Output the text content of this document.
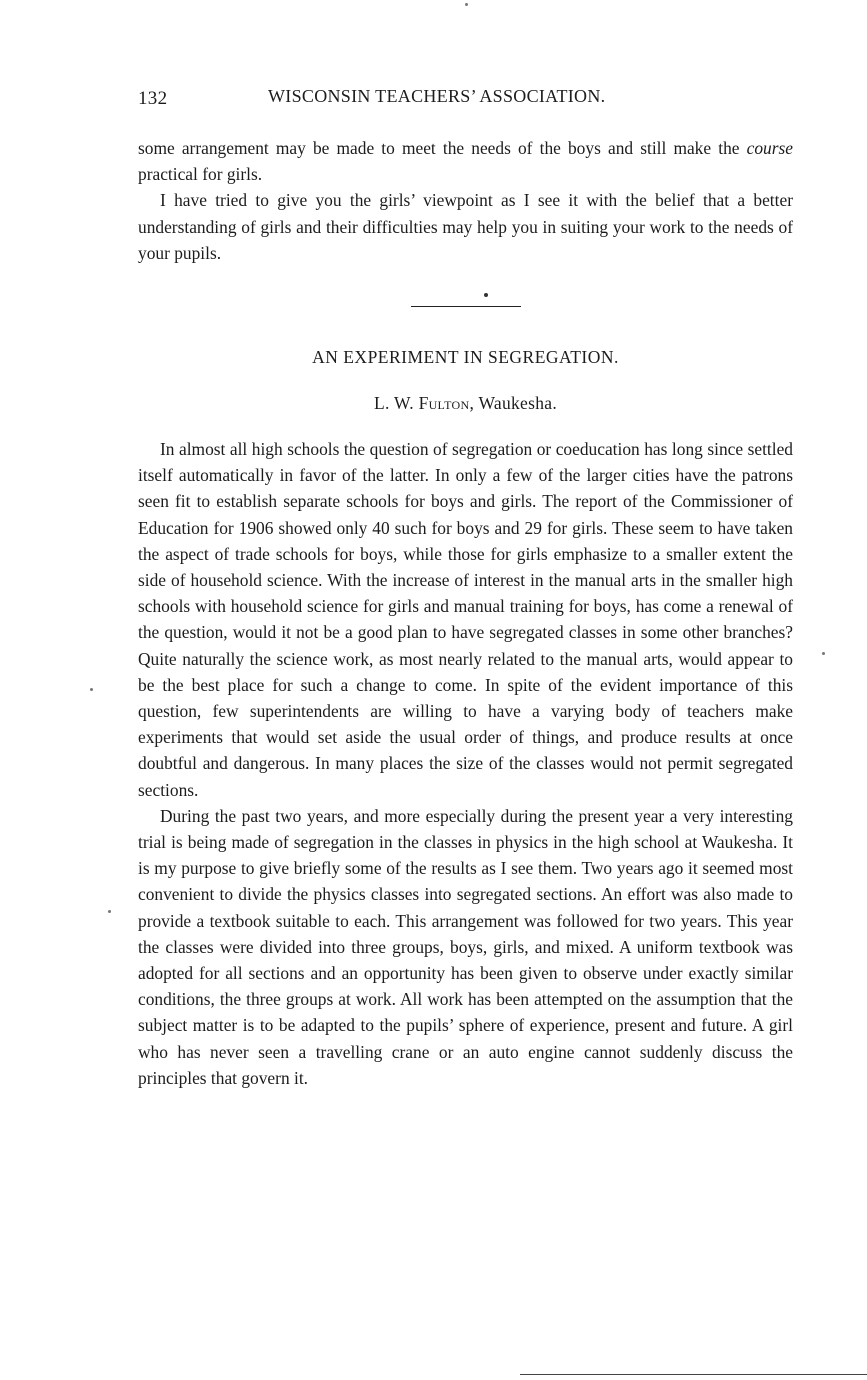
132	WISCONSIN TEACHERS’ ASSOCIATION.

some arrangement may be made to meet the needs of the boys and still make the course practical for girls.

I have tried to give you the girls’ viewpoint as I see it with the belief that a better understanding of girls and their difficulties may help you in suiting your work to the needs of your pupils.

AN EXPERIMENT IN SEGREGATION.
L. W. Fulton, Waukesha.

In almost all high schools the question of segregation or coeducation has long since settled itself automatically in favor of the latter. In only a few of the larger cities have the patrons seen fit to establish separate schools for boys and girls. The report of the Commissioner of Education for 1906 showed only 40 such for boys and 29 for girls. These seem to have taken the aspect of trade schools for boys, while those for girls emphasize to a smaller extent the side of household science. With the increase of interest in the manual arts in the smaller high schools with household science for girls and manual training for boys, has come a renewal of the question, would it not be a good plan to have segregated classes in some other branches? Quite naturally the science work, as most nearly related to the manual arts, would appear to be the best place for such a change to come. In spite of the evident importance of this question, few superintendents are willing to have a varying body of teachers make experiments that would set aside the usual order of things, and produce results at once doubtful and dangerous. In many places the size of the classes would not permit segregated sections.

During the past two years, and more especially during the present year a very interesting trial is being made of segregation in the classes in physics in the high school at Waukesha. It is my purpose to give briefly some of the results as I see them. Two years ago it seemed most convenient to divide the physics classes into segregated sections. An effort was also made to provide a textbook suitable to each. This arrangement was followed for two years. This year the classes were divided into three groups, boys, girls, and mixed. A uniform textbook was adopted for all sections and an opportunity has been given to observe under exactly similar conditions, the three groups at work. All work has been attempted on the assumption that the subject matter is to be adapted to the pupils’ sphere of experience, present and future. A girl who has never seen a travelling crane or an auto engine cannot suddenly discuss the principles that govern it.
